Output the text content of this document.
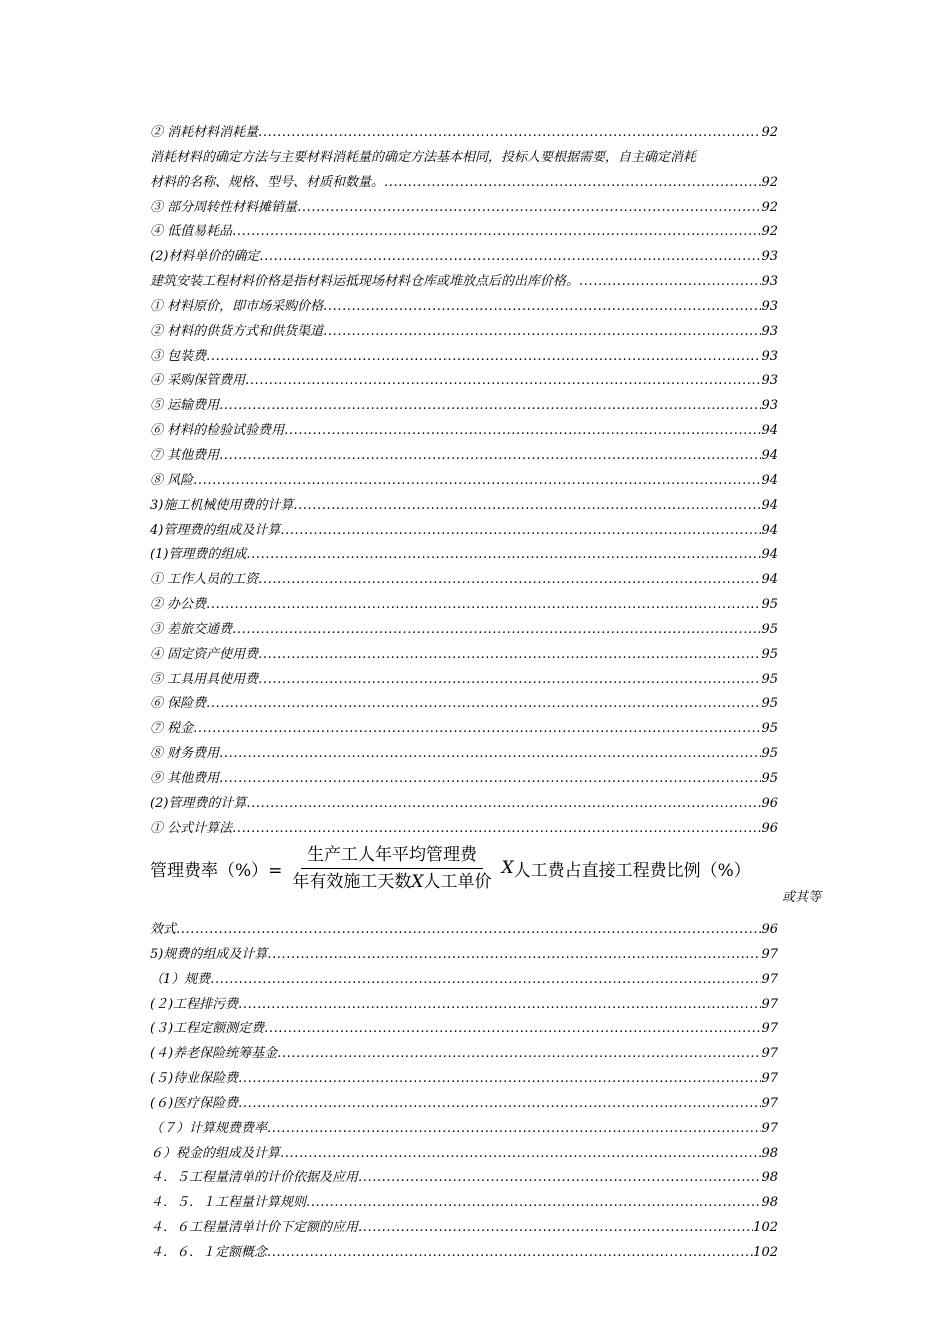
② 消耗材料消耗量 .....	92
消耗材料的确定方法与主要材料消耗量的确定方法基本相同，投标人要根据需要，自主确定消耗
材料的名称、规格、型号、材质和数量。 .....	92
③ 部分周转性材料摊销量 .....	92
④ 低值易耗品 .....	92
(2)材料单价的确定 .....	93
建筑安装工程材料价格是指材料运抵现场材料仓库或堆放点后的出库价格。 .....	93
① 材料原价，即市场采购价格 .....	93
② 材料的供货方式和供货渠道 .....	93
③ 包装费 .....	93
④ 采购保管费用 .....	93
⑤ 运输费用 .....	93
⑥ 材料的检验试验费用 .....	94
⑦ 其他费用 .....	94
⑧ 风险 .....	94
3)施工机械使用费的计算 .....	94
4)管理费的组成及计算 .....	94
(1)管理费的组成 .....	94
① 工作人员的工资 .....	94
② 办公费 .....	95
③ 差旅交通费 .....	95
④ 固定资产使用费 .....	95
⑤ 工具用具使用费 .....	95
⑥ 保险费 .....	95
⑦ 税金 .....	95
⑧ 财务费用 .....	95
⑨ 其他费用 .....	95
(2)管理费的计算 .....	96
① 公式计算法 .....	96
管理费率（%）= $\frac{\text{生产工人年平均管理费}}{\text{年有效施工天数X人工单价}}$ X 人工费占直接工程费比例（%）
或其等
效式 .....	96
5)规费的组成及计算 .....	97
（1）规费 .....	97
(２)工程排污费 .....	97
(３)工程定额测定费 .....	97
(４)养老保险统筹基金 .....	97
(５)待业保险费 .....	97
(６)医疗保险费 .....	97
（７）计算规费费率 .....	97
６）税金的组成及计算 .....	98
４．５工程量清单的计价依据及应用 .....	98
４．５．１工程量计算规则 .....	98
４．６工程量清单计价下定额的应用 .....	102
４．６．１定额概念 .....	102
